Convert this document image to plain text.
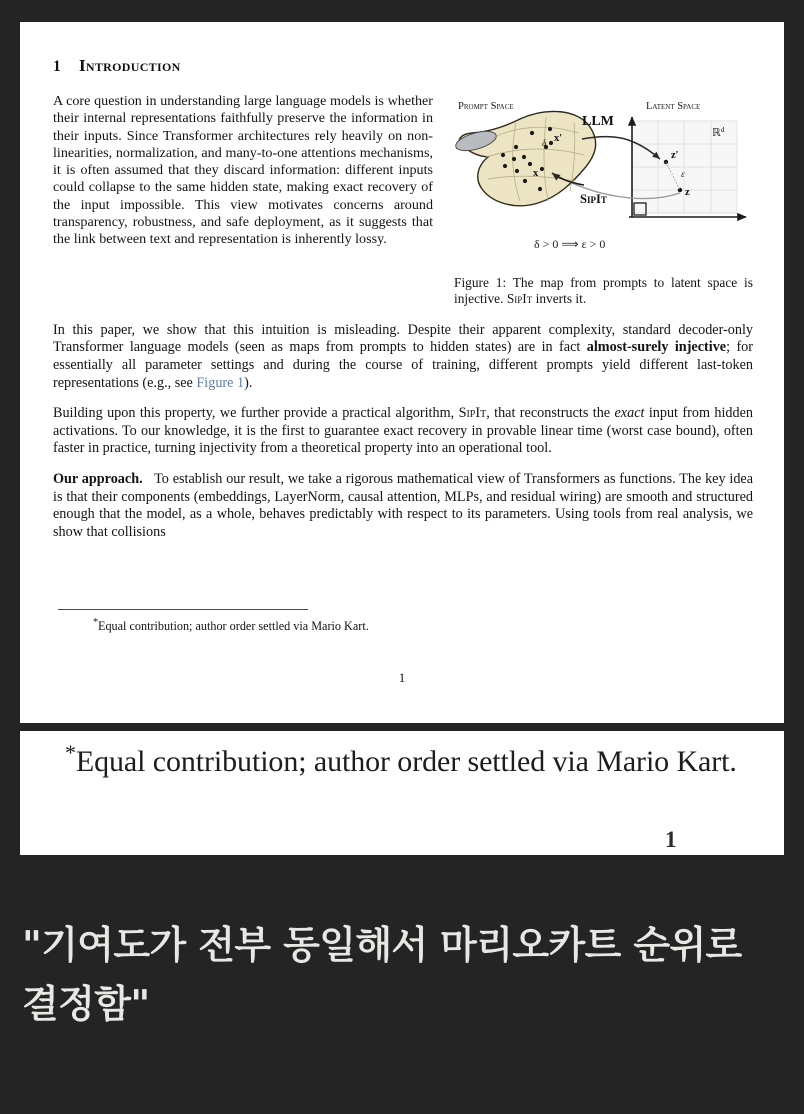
1 Introduction

A core question in understanding large language models is whether their internal representations faithfully preserve the information in their inputs. Since Transformer architectures rely heavily on non-linearities, normalization, and many-to-one attentions mechanisms, it is often assumed that they discard information: different inputs could collapse to the same hidden state, making exact recovery of the input impossible. This view motivates concerns around transparency, robustness, and safe deployment, as it suggests that the link between text and representation is inherently lossy.

Prompt Space	Latent Space
ℝ$^d$
δ x′
x
LLM
SipIt
z′
z
ε
δ > 0 ⟹ ε > 0
Figure 1: The map from prompts to latent space is injective. SipIt inverts it.

In this paper, we show that this intuition is misleading. Despite their apparent complexity, standard decoder-only Transformer language models (seen as maps from prompts to hidden states) are in fact almost-surely injective; for essentially all parameter settings and during the course of training, different prompts yield different last-token representations (e.g., see Figure 1).

Building upon this property, we further provide a practical algorithm, SipIt, that reconstructs the exact input from hidden activations. To our knowledge, it is the first to guarantee exact recovery in provable linear time (worst case bound), often faster in practice, turning injectivity from a theoretical property into an operational tool.

Our approach. To establish our result, we take a rigorous mathematical view of Transformers as functions. The key idea is that their components (embeddings, LayerNorm, causal attention, MLPs, and residual wiring) are smooth and structured enough that the model, as a whole, behaves predictably with respect to its parameters. Using tools from real analysis, we show that collisions

*Equal contribution; author order settled via Mario Kart.
1
*Equal contribution; author order settled via Mario Kart.
1
"기여도가 전부 동일해서 마리오카트 순위로 결정함"
